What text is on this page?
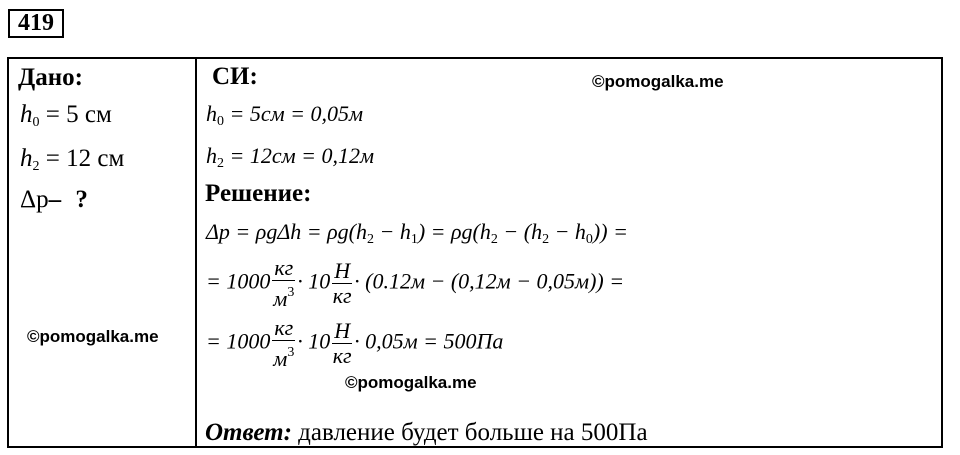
419
Дано:
$h_0 = 5$ см
$h_2 = 12$ см
Δр– ?
©pomogalka.me
СИ:	©pomogalka.me
$h_0 = 5см = 0,05м$
$h_2 = 12см = 0,12м$
Решение:
$\Delta p = \rho g\Delta h = \rho g(h_2 - h_1) = \rho g(h_2 - (h_2 - h_0))$ =
= $1000 \frac{кг}{м^3} \cdot 10 \frac{Н}{кг} \cdot (0.12м - (0,12м - 0,05м))$ =
= $1000 \frac{кг}{м^3} \cdot 10 \frac{Н}{кг} \cdot 0,05м = 500Па$
©pomogalka.me
Ответ: давление будет больше на 500Па
